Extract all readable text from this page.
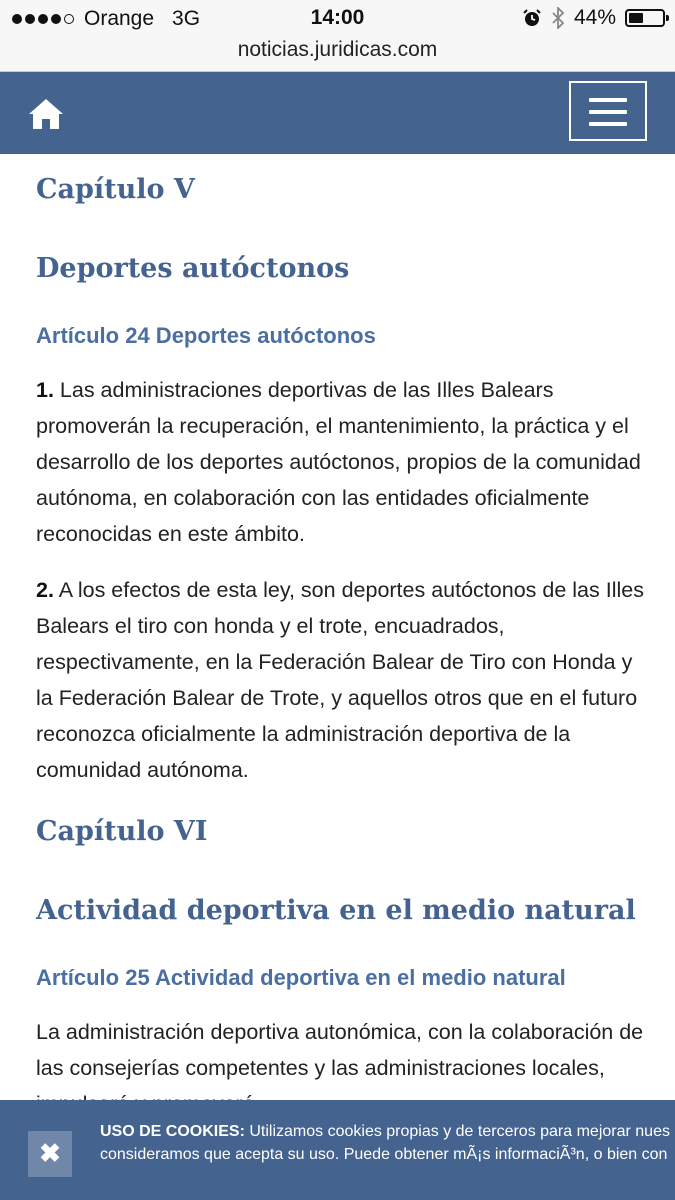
Orange 3G	14:00	44%
noticias.juridicas.com
Capítulo V
Deportes autóctonos
Artículo 24 Deportes autóctonos
1. Las administraciones deportivas de las Illes Balears promoverán la recuperación, el mantenimiento, la práctica y el desarrollo de los deportes autóctonos, propios de la comunidad autónoma, en colaboración con las entidades oficialmente reconocidas en este ámbito.
2. A los efectos de esta ley, son deportes autóctonos de las Illes Balears el tiro con honda y el trote, encuadrados, respectivamente, en la Federación Balear de Tiro con Honda y la Federación Balear de Trote, y aquellos otros que en el futuro reconozca oficialmente la administración deportiva de la comunidad autónoma.
Capítulo VI
Actividad deportiva en el medio natural
Artículo 25 Actividad deportiva en el medio natural
La administración deportiva autonómica, con la colaboración de las consejerías competentes y las administraciones locales,
✖
USO DE COOKIES: Utilizamos cookies propias y de terceros para mejorar nues
consideramos que acepta su uso. Puede obtener mÃ¡s informaciÃ³n, o bien con
